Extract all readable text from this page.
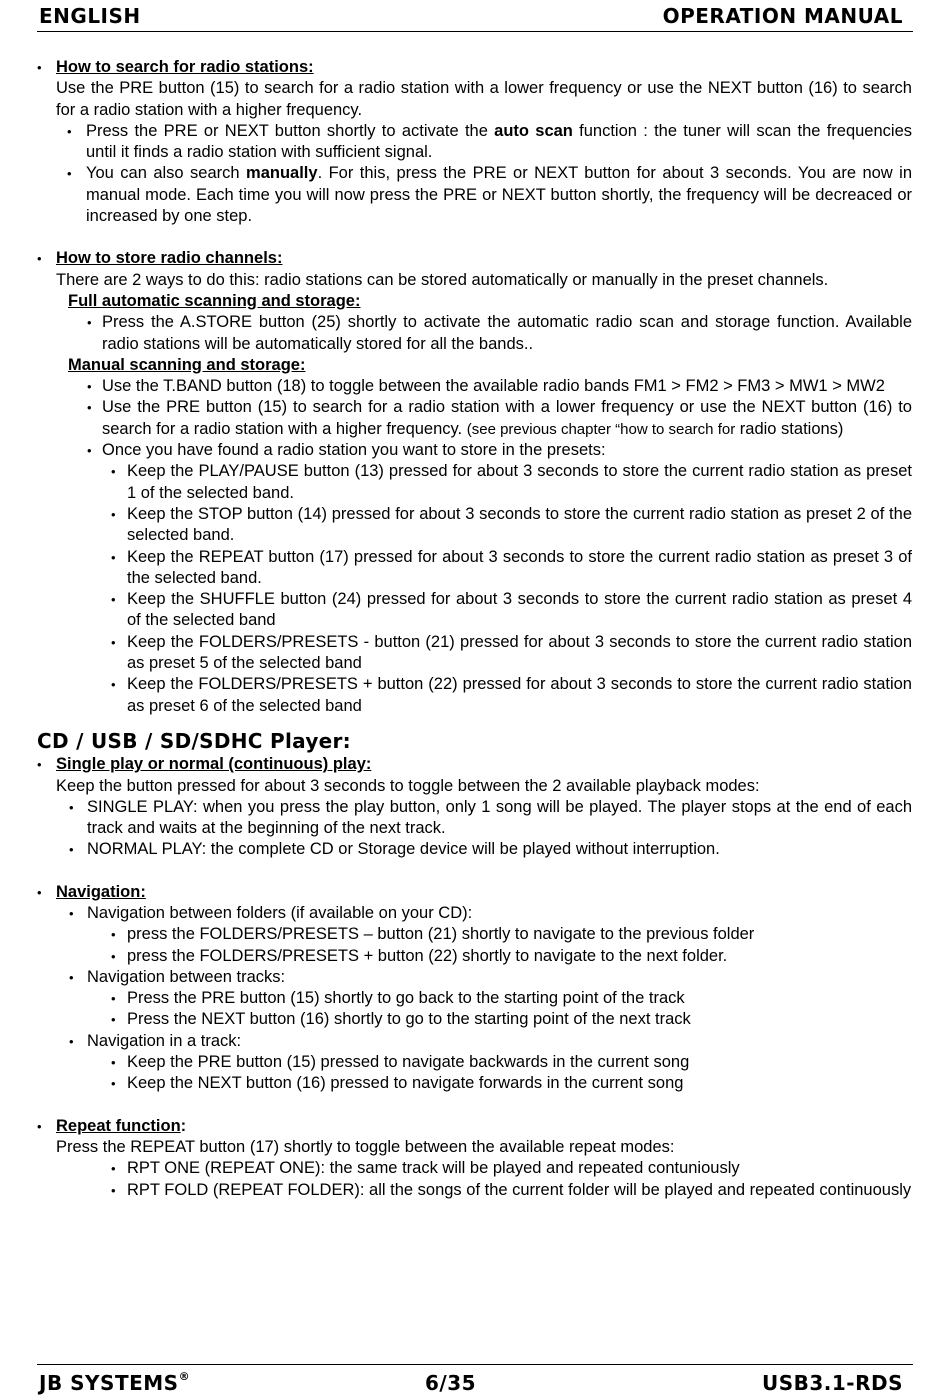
ENGLISH	OPERATION MANUAL
• How to search for radio stations:
Use the PRE button (15) to search for a radio station with a lower frequency or use the NEXT button (16) to search for a radio station with a higher frequency.
• Press the PRE or NEXT button shortly to activate the auto scan function : the tuner will scan the frequencies until it finds a radio station with sufficient signal.
• You can also search manually. For this, press the PRE or NEXT button for about 3 seconds. You are now in manual mode. Each time you will now press the PRE or NEXT button shortly, the frequency will be decreaced or increased by one step.
• How to store radio channels:
There are 2 ways to do this: radio stations can be stored automatically or manually in the preset channels.
Full automatic scanning and storage:
• Press the A.STORE button (25) shortly to activate the automatic radio scan and storage function. Available radio stations will be automatically stored for all the bands..
Manual scanning and storage:
• Use the T.BAND button (18) to toggle between the available radio bands FM1 > FM2 > FM3 > MW1 > MW2
• Use the PRE button (15) to search for a radio station with a lower frequency or use the NEXT button (16) to search for a radio station with a higher frequency. (see previous chapter “how to search for radio stations)
• Once you have found a radio station you want to store in the presets:
• Keep the PLAY/PAUSE button (13) pressed for about 3 seconds to store the current radio station as preset 1 of the selected band.
• Keep the STOP button (14) pressed for about 3 seconds to store the current radio station as preset 2 of the selected band.
• Keep the REPEAT button (17) pressed for about 3 seconds to store the current radio station as preset 3 of the selected band.
• Keep the SHUFFLE button (24) pressed for about 3 seconds to store the current radio station as preset 4 of the selected band
• Keep the FOLDERS/PRESETS - button (21) pressed for about 3 seconds to store the current radio station as preset 5 of the selected band
• Keep the FOLDERS/PRESETS + button (22) pressed for about 3 seconds to store the current radio station as preset 6 of the selected band
CD / USB / SD/SDHC Player:
• Single play or normal (continuous) play:
Keep the button pressed for about 3 seconds to toggle between the 2 available playback modes:
• SINGLE PLAY: when you press the play button, only 1 song will be played. The player stops at the end of each track and waits at the beginning of the next track.
• NORMAL PLAY: the complete CD or Storage device will be played without interruption.
• Navigation:
• Navigation between folders (if available on your CD):
• press the FOLDERS/PRESETS – button (21) shortly to navigate to the previous folder
• press the FOLDERS/PRESETS + button (22) shortly to navigate to the next folder.
• Navigation between tracks:
• Press the PRE button (15) shortly to go back to the starting point of the track
• Press the NEXT button (16) shortly to go to the starting point of the next track
• Navigation in a track:
• Keep the PRE button (15) pressed to navigate backwards in the current song
• Keep the NEXT button (16) pressed to navigate forwards in the current song
• Repeat function:
Press the REPEAT button (17) shortly to toggle between the available repeat modes:
• RPT ONE (REPEAT ONE): the same track will be played and repeated contuniously
• RPT FOLD (REPEAT FOLDER): all the songs of the current folder will be played and repeated continuously
JB SYSTEMS®	6/35	USB3.1-RDS
